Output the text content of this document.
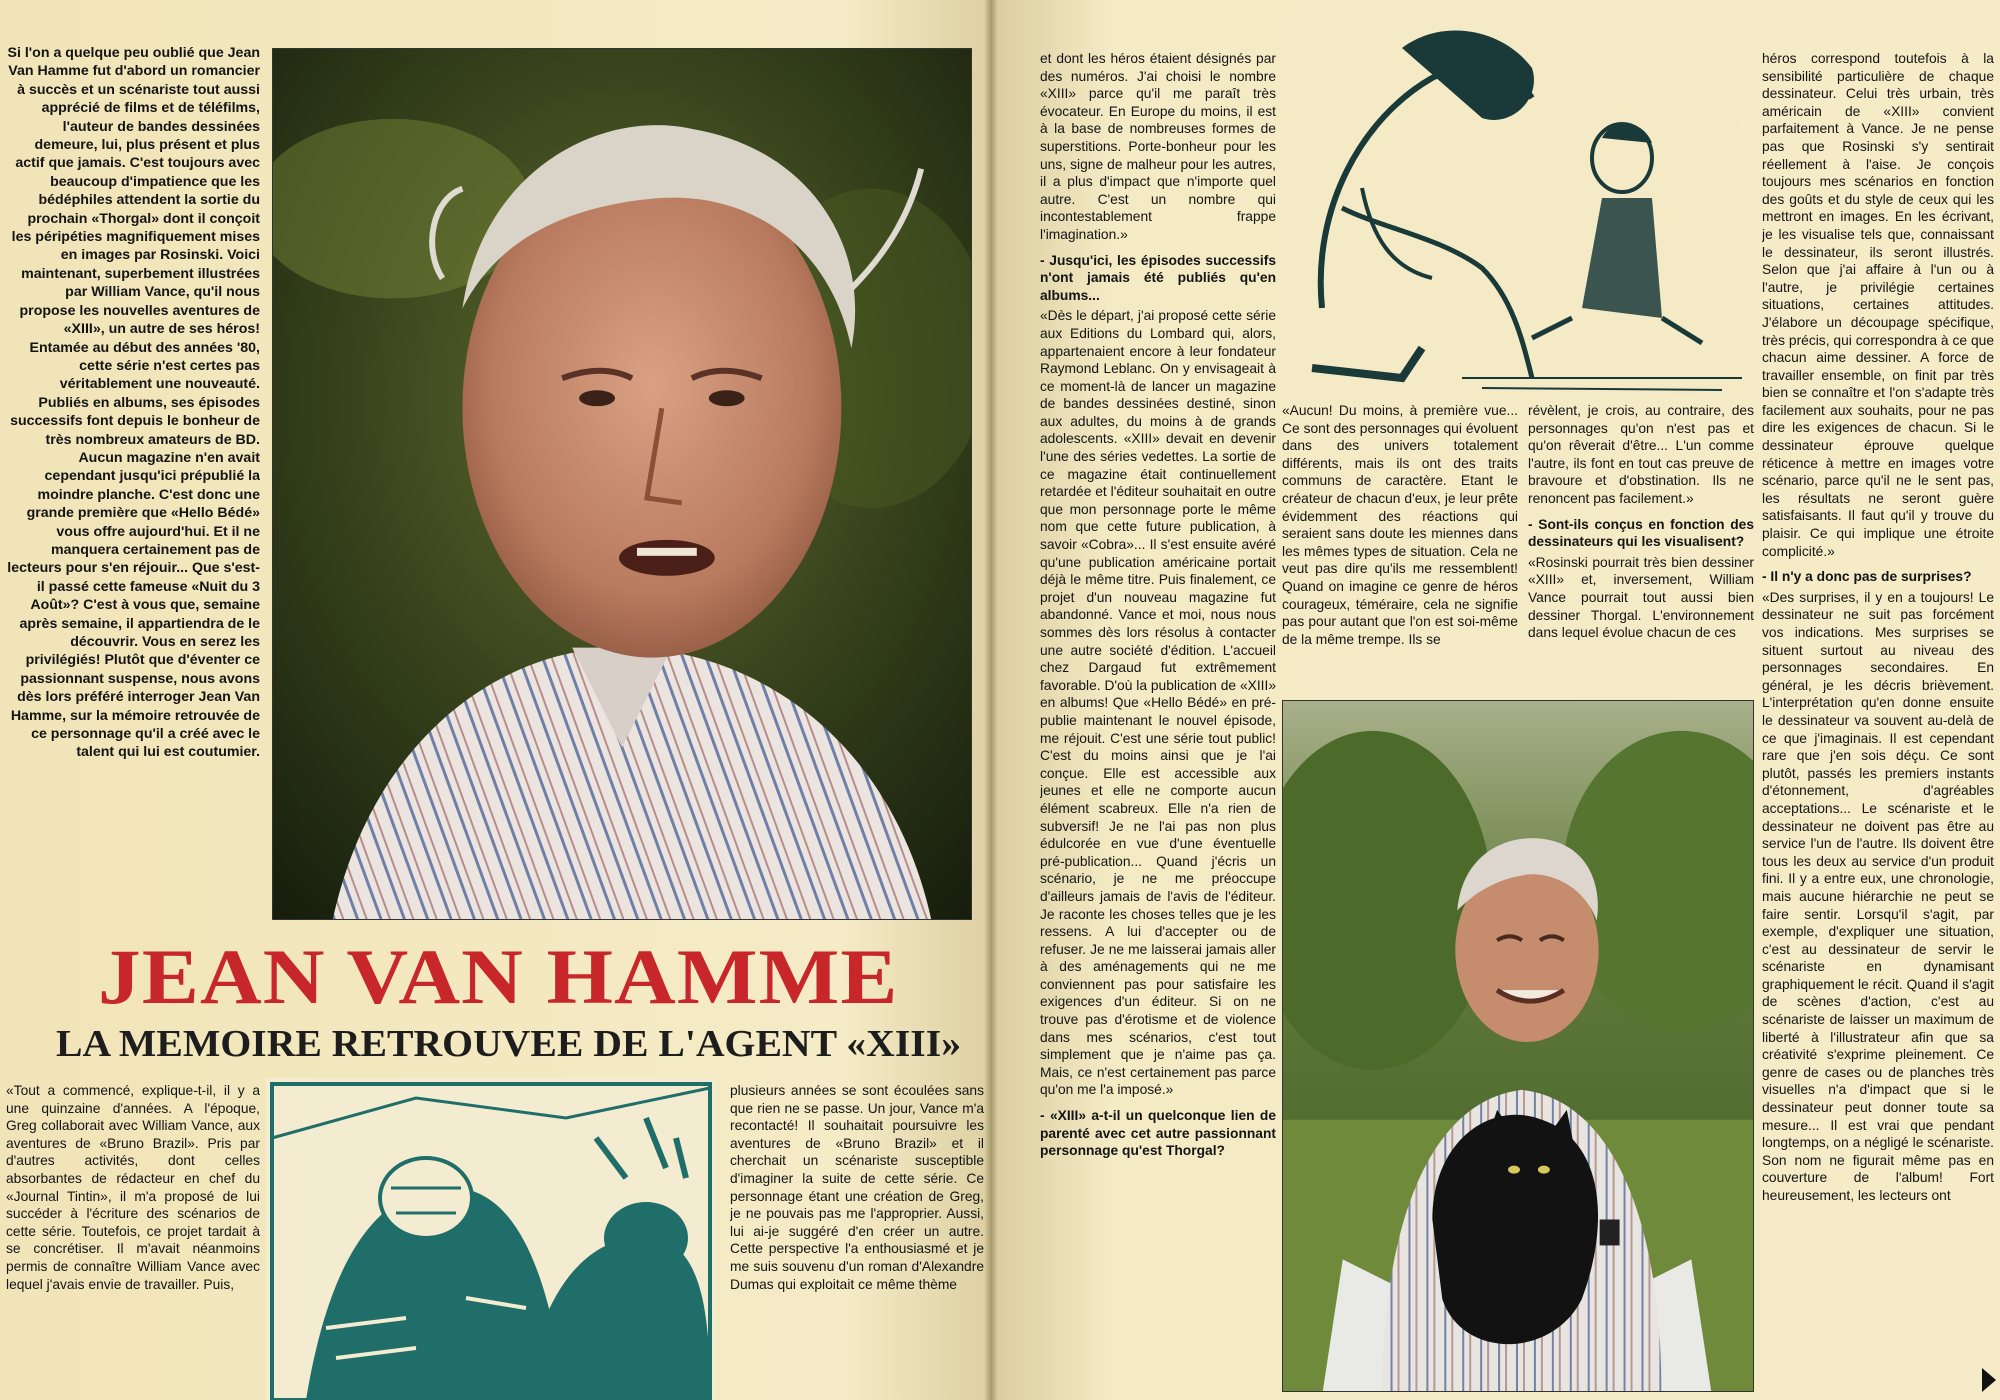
Si l'on a quelque peu oublié que Jean Van Hamme fut d'abord un romancier à succès et un scénariste tout aussi apprécié de films et de téléfilms, l'auteur de bandes dessinées demeure, lui, plus présent et plus actif que jamais. C'est toujours avec beaucoup d'impatience que les bédéphiles attendent la sortie du prochain «Thorgal» dont il conçoit les péripéties magnifiquement mises en images par Rosinski. Voici maintenant, superbement illustrées par William Vance, qu'il nous propose les nouvelles aventures de «XIII», un autre de ses héros! Entamée au début des années '80, cette série n'est certes pas véritablement une nouveauté. Publiés en albums, ses épisodes successifs font depuis le bonheur de très nombreux amateurs de BD. Aucun magazine n'en avait cependant jusqu'ici prépublié la moindre planche. C'est donc une grande première que «Hello Bédé» vous offre aujourd'hui. Et il ne manquera certainement pas de lecteurs pour s'en réjouir... Que s'est-il passé cette fameuse «Nuit du 3 Août»? C'est à vous que, semaine après semaine, il appartiendra de le découvrir. Vous en serez les privilégiés! Plutôt que d'éventer ce passionnant suspense, nous avons dès lors préféré interroger Jean Van Hamme, sur la mémoire retrouvée de ce personnage qu'il a créé avec le talent qui lui est coutumier.

JEAN VAN HAMME
LA MEMOIRE RETROUVEE DE L'AGENT «XIII»

«Tout a commencé, explique-t-il, il y a une quinzaine d'années. A l'époque, Greg collaborait avec William Vance, aux aventures de «Bruno Brazil». Pris par d'autres activités, dont celles absorbantes de rédacteur en chef du «Journal Tintin», il m'a proposé de lui succéder à l'écriture des scénarios de cette série. Toutefois, ce projet tardait à se concrétiser. Il m'avait néanmoins permis de connaître William Vance avec lequel j'avais envie de travailler. Puis,

plusieurs années se sont écoulées sans que rien ne se passe. Un jour, Vance m'a recontacté! Il souhaitait poursuivre les aventures de «Bruno Brazil» et il cherchait un scénariste susceptible d'imaginer la suite de cette série. Ce personnage étant une création de Greg, je ne pouvais pas me l'approprier. Aussi, lui ai-je suggéré d'en créer un autre. Cette perspective l'a enthousiasmé et je me suis souvenu d'un roman d'Alexandre Dumas qui exploitait ce même thème

et dont les héros étaient désignés par des numéros. J'ai choisi le nombre «XIII» parce qu'il me paraît très évocateur. En Europe du moins, il est à la base de nombreuses formes de superstitions. Porte-bonheur pour les uns, signe de malheur pour les autres, il a plus d'impact que n'importe quel autre. C'est un nombre qui incontestablement frappe l'imagination.»

- Jusqu'ici, les épisodes successifs n'ont jamais été publiés qu'en albums...

«Dès le départ, j'ai proposé cette série aux Editions du Lombard qui, alors, appartenaient encore à leur fondateur Raymond Leblanc. On y envisageait à ce moment-là de lancer un magazine de bandes dessinées destiné, sinon aux adultes, du moins à de grands adolescents. «XIII» devait en devenir l'une des séries vedettes. La sortie de ce magazine était continuellement retardée et l'éditeur souhaitait en outre que mon personnage porte le même nom que cette future publication, à savoir «Cobra»... Il s'est ensuite avéré qu'une publication américaine portait déjà le même titre. Puis finalement, ce projet d'un nouveau magazine fut abandonné. Vance et moi, nous nous sommes dès lors résolus à contacter une autre société d'édition. L'accueil chez Dargaud fut extrêmement favorable. D'où la publication de «XIII» en albums! Que «Hello Bédé» en pré-publie maintenant le nouvel épisode, me réjouit. C'est une série tout public! C'est du moins ainsi que je l'ai conçue. Elle est accessible aux jeunes et elle ne comporte aucun élément scabreux. Elle n'a rien de subversif! Je ne l'ai pas non plus édulcorée en vue d'une éventuelle pré-publication... Quand j'écris un scénario, je ne me préoccupe d'ailleurs jamais de l'avis de l'éditeur. Je raconte les choses telles que je les ressens. A lui d'accepter ou de refuser. Je ne me laisserai jamais aller à des aménagements qui ne me conviennent pas pour satisfaire les exigences d'un éditeur. Si on ne trouve pas d'érotisme et de violence dans mes scénarios, c'est tout simplement que je n'aime pas ça. Mais, ce n'est certainement pas parce qu'on me l'a imposé.»

- «XIII» a-t-il un quelconque lien de parenté avec cet autre passionnant personnage qu'est Thorgal?

«Aucun! Du moins, à première vue... Ce sont des personnages qui évoluent dans des univers totalement différents, mais ils ont des traits communs de caractère. Etant le créateur de chacun d'eux, je leur prête évidemment des réactions qui seraient sans doute les miennes dans les mêmes types de situation. Cela ne veut pas dire qu'ils me ressemblent! Quand on imagine ce genre de héros courageux, téméraire, cela ne signifie pas pour autant que l'on est soi-même de la même trempe. Ils se

révèlent, je crois, au contraire, des personnages qu'on n'est pas et qu'on rêverait d'être... L'un comme l'autre, ils font en tout cas preuve de bravoure et d'obstination. Ils ne renoncent pas facilement.»

- Sont-ils conçus en fonction des dessinateurs qui les visualisent?

«Rosinski pourrait très bien dessiner «XIII» et, inversement, William Vance pourrait tout aussi bien dessiner Thorgal. L'environnement dans lequel évolue chacun de ces

héros correspond toutefois à la sensibilité particulière de chaque dessinateur. Celui très urbain, très américain de «XIII» convient parfaitement à Vance. Je ne pense pas que Rosinski s'y sentirait réellement à l'aise. Je conçois toujours mes scénarios en fonction des goûts et du style de ceux qui les mettront en images. En les écrivant, je les visualise tels que, connaissant le dessinateur, ils seront illustrés. Selon que j'ai affaire à l'un ou à l'autre, je privilégie certaines situations, certaines attitudes. J'élabore un découpage spécifique, très précis, qui correspondra à ce que chacun aime dessiner. A force de travailler ensemble, on finit par très bien se connaître et l'on s'adapte très facilement aux souhaits, pour ne pas dire les exigences de chacun. Si le dessinateur éprouve quelque réticence à mettre en images votre scénario, parce qu'il ne le sent pas, les résultats ne seront guère satisfaisants. Il faut qu'il y trouve du plaisir. Ce qui implique une étroite complicité.»

- Il n'y a donc pas de surprises?

«Des surprises, il y en a toujours! Le dessinateur ne suit pas forcément vos indications. Mes surprises se situent surtout au niveau des personnages secondaires. En général, je les décris brièvement. L'interprétation qu'en donne ensuite le dessinateur va souvent au-delà de ce que j'imaginais. Il est cependant rare que j'en sois déçu. Ce sont plutôt, passés les premiers instants d'étonnement, d'agréables acceptations... Le scénariste et le dessinateur ne doivent pas être au service l'un de l'autre. Ils doivent être tous les deux au service d'un produit fini. Il y a entre eux, une chronologie, mais aucune hiérarchie ne peut se faire sentir. Lorsqu'il s'agit, par exemple, d'expliquer une situation, c'est au dessinateur de servir le scénariste en dynamisant graphiquement le récit. Quand il s'agit de scènes d'action, c'est au scénariste de laisser un maximum de liberté à l'illustrateur afin que sa créativité s'exprime pleinement. Ce genre de cases ou de planches très visuelles n'a d'impact que si le dessinateur peut donner toute sa mesure... Il est vrai que pendant longtemps, on a négligé le scénariste. Son nom ne figurait même pas en couverture de l'album! Fort heureusement, les lecteurs ont
